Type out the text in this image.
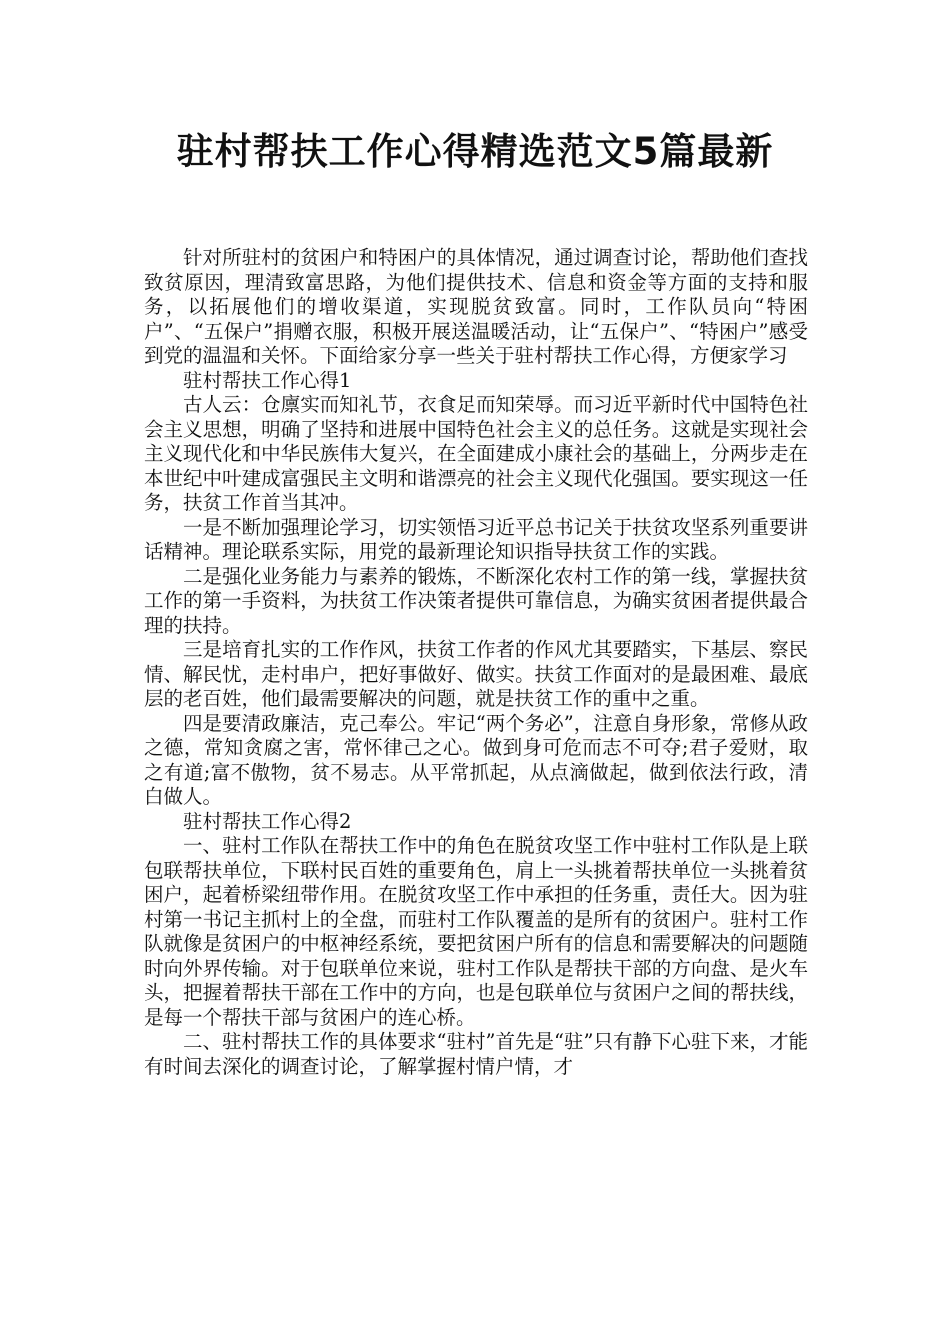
驻村帮扶工作心得精选范文5篇最新

针对所驻村的贫困户和特困户的具体情况，通过调查讨论，帮助他们查找致贫原因，理清致富思路，为他们提供技术、信息和资金等方面的支持和服务，以拓展他们的增收渠道，实现脱贫致富。同时，工作队员向“特困户”、“五保户”捐赠衣服，积极开展送温暖活动，让“五保户”、“特困户”感受到党的温温和关怀。下面给家分享一些关于驻村帮扶工作心得，方便家学习

驻村帮扶工作心得1

古人云：仓廪实而知礼节，衣食足而知荣辱。而习近平新时代中国特色社会主义思想，明确了坚持和进展中国特色社会主义的总任务。这就是实现社会主义现代化和中华民族伟大复兴，在全面建成小康社会的基础上，分两步走在本世纪中叶建成富强民主文明和谐漂亮的社会主义现代化强国。要实现这一任务，扶贫工作首当其冲。

一是不断加强理论学习，切实领悟习近平总书记关于扶贫攻坚系列重要讲话精神。理论联系实际，用党的最新理论知识指导扶贫工作的实践。

二是强化业务能力与素养的锻炼，不断深化农村工作的第一线，掌握扶贫工作的第一手资料，为扶贫工作决策者提供可靠信息，为确实贫困者提供最合理的扶持。

三是培育扎实的工作作风，扶贫工作者的作风尤其要踏实，下基层、察民情、解民忧，走村串户，把好事做好、做实。扶贫工作面对的是最困难、最底层的老百姓，他们最需要解决的问题，就是扶贫工作的重中之重。

四是要清政廉洁，克己奉公。牢记“两个务必”，注意自身形象，常修从政之德，常知贪腐之害，常怀律己之心。做到身可危而志不可夺;君子爱财，取之有道;富不傲物，贫不易志。从平常抓起，从点滴做起，做到依法行政，清白做人。

驻村帮扶工作心得2

一、驻村工作队在帮扶工作中的角色在脱贫攻坚工作中驻村工作队是上联包联帮扶单位，下联村民百姓的重要角色，肩上一头挑着帮扶单位一头挑着贫困户，起着桥梁纽带作用。在脱贫攻坚工作中承担的任务重，责任大。因为驻村第一书记主抓村上的全盘，而驻村工作队覆盖的是所有的贫困户。驻村工作队就像是贫困户的中枢神经系统，要把贫困户所有的信息和需要解决的问题随时向外界传输。对于包联单位来说，驻村工作队是帮扶干部的方向盘、是火车头，把握着帮扶干部在工作中的方向，也是包联单位与贫困户之间的帮扶线，是每一个帮扶干部与贫困户的连心桥。

二、驻村帮扶工作的具体要求“驻村”首先是“驻”只有静下心驻下来，才能有时间去深化的调查讨论，了解掌握村情户情，才
